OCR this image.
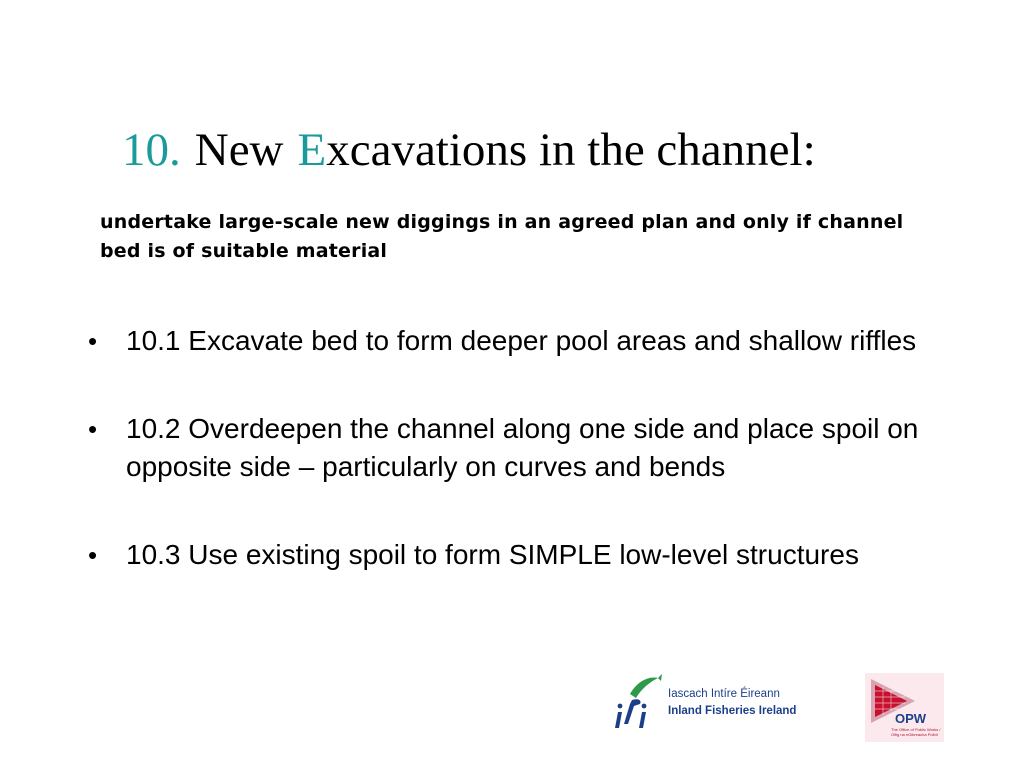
10. New Excavations in the channel:

undertake large-scale new diggings in an agreed plan and only if channel bed is of suitable material

• 10.1 Excavate bed to form deeper pool areas and shallow riffles
• 10.2 Overdeepen the channel along one side and place spoil on opposite side – particularly on curves and bends
• 10.3 Use existing spoil to form SIMPLE low-level structures
Iascach Intíre Éireann
Inland Fisheries Ireland	OPW
The Office of Public Works / Oifig na nOibreacha Poiblí
